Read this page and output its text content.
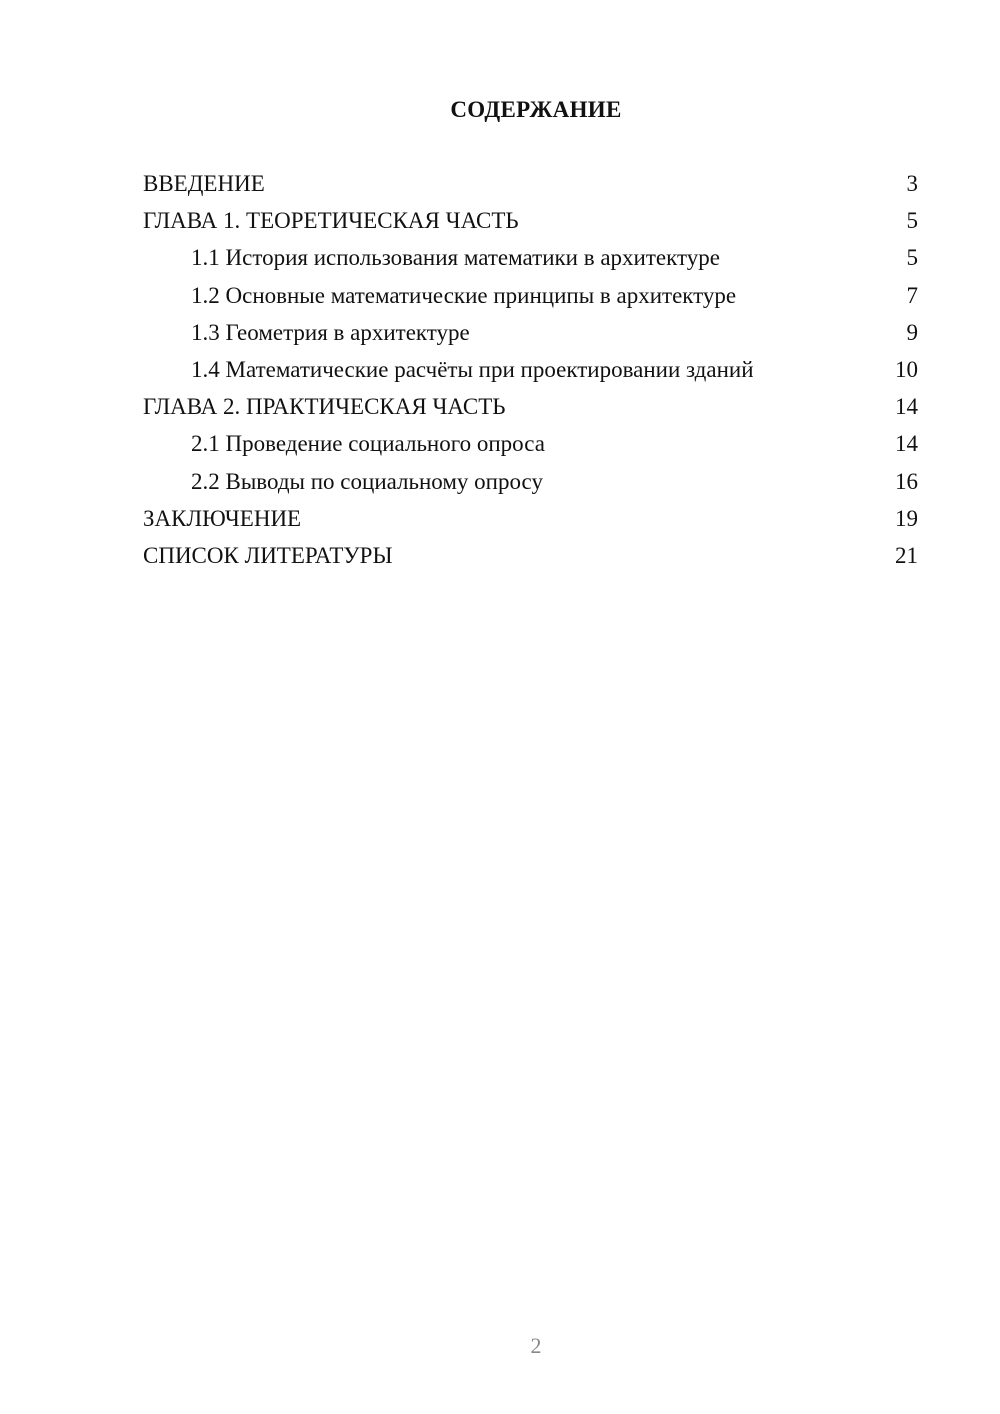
СОДЕРЖАНИЕ
ВВЕДЕНИЕ	3
ГЛАВА 1. ТЕОРЕТИЧЕСКАЯ ЧАСТЬ	5
1.1 История использования математики в архитектуре	5
1.2 Основные математические принципы в архитектуре	7
1.3 Геометрия в архитектуре	9
1.4 Математические расчёты при проектировании зданий	10
ГЛАВА 2. ПРАКТИЧЕСКАЯ ЧАСТЬ	14
2.1 Проведение социального опроса	14
2.2 Выводы по социальному опросу	16
ЗАКЛЮЧЕНИЕ	19
СПИСОК ЛИТЕРАТУРЫ	21
2
